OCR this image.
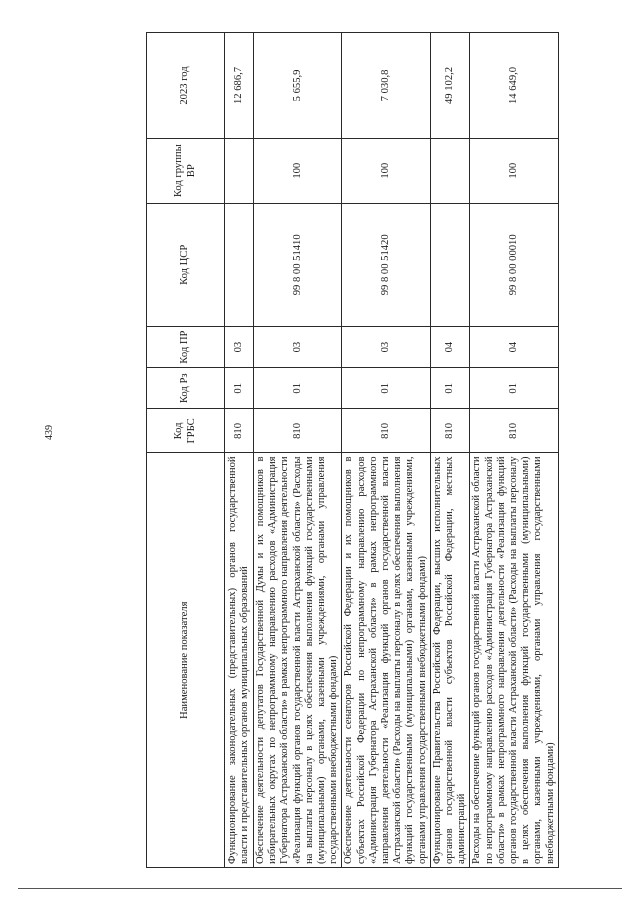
439
Наименование показателя	Код ГРБС	Код Рз	Код ПР	Код ЦСР	Код группы ВР	2023 год
Функционирование законодательных (представительных) органов государственной власти и представительных органов муниципальных образований	810	01	03			12 686,7
Обеспечение деятельности депутатов Государственной Думы и их помощников в избирательных округах по непрограммному направлению расходов «Администрация Губернатора Астраханской области» в рамках непрограммного направления деятельности «Реализация функций органов государственной власти Астраханской области» (Расходы на выплаты персоналу в целях обеспечения выполнения функций государственными (муниципальными) органами, казенными учреждениями, органами управления государственными внебюджетными фондами)	810	01	03	99 8 00 51410	100	5 655,9
Обеспечение деятельности сенаторов Российской Федерации и их помощников в субъектах Российской Федерации по непрограммному направлению расходов «Администрация Губернатора Астраханской области» в рамках непрограммного направления деятельности «Реализация функций органов государственной власти Астраханской области» (Расходы на выплаты персоналу в целях обеспечения выполнения функций государственными (муниципальными) органами, казенными учреждениями, органами управления государственными внебюджетными фондами)	810	01	03	99 8 00 51420	100	7 030,8
Функционирование Правительства Российской Федерации, высших исполнительных органов государственной власти субъектов Российской Федерации, местных администраций	810	01	04			49 102,2
Расходы на обеспечение функций органов государственной власти Астраханской области по непрограммному направлению расходов «Администрация Губернатора Астраханской области» в рамках непрограммного направления деятельности «Реализация функций органов государственной власти Астраханской области» (Расходы на выплаты персоналу в целях обеспечения выполнения функций государственными (муниципальными) органами, казенными учреждениями, органами управления государственными внебюджетными фондами)	810	01	04	99 8 00 00010	100	14 649,0
